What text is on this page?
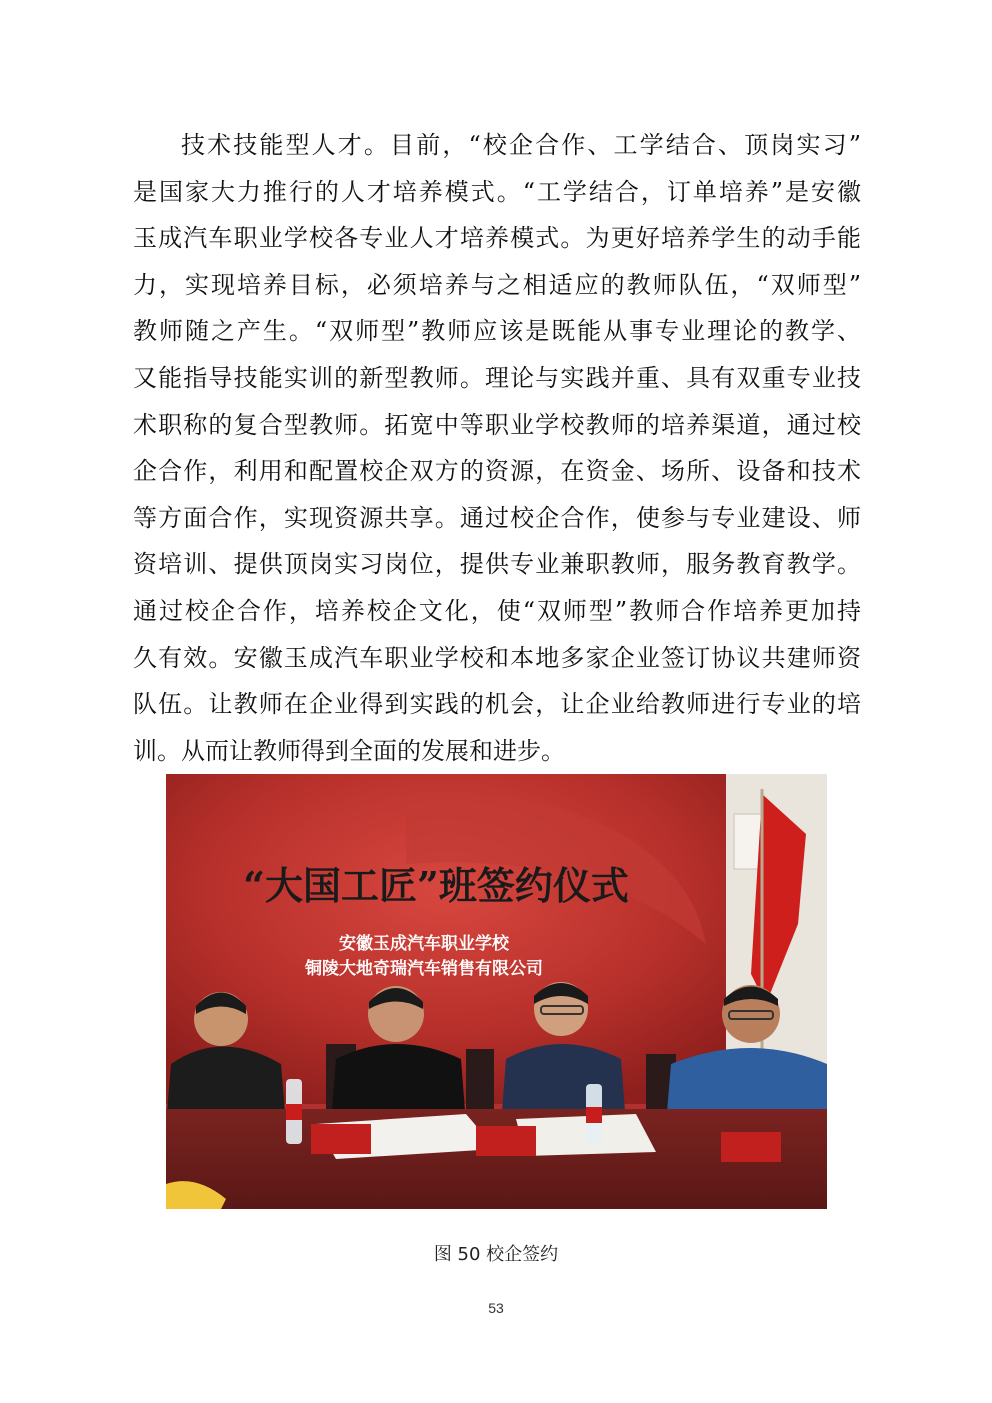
技术技能型人才。目前，“校企合作、工学结合、顶岗实习”
是国家大力推行的人才培养模式。“工学结合，订单培养”是安徽
玉成汽车职业学校各专业人才培养模式。为更好培养学生的动手能
力，实现培养目标，必须培养与之相适应的教师队伍，“双师型”
教师随之产生。“双师型”教师应该是既能从事专业理论的教学、
又能指导技能实训的新型教师。理论与实践并重、具有双重专业技
术职称的复合型教师。拓宽中等职业学校教师的培养渠道，通过校
企合作，利用和配置校企双方的资源，在资金、场所、设备和技术
等方面合作，实现资源共享。通过校企合作，使参与专业建设、师
资培训、提供顶岗实习岗位，提供专业兼职教师，服务教育教学。
通过校企合作，培养校企文化，使“双师型”教师合作培养更加持
久有效。安徽玉成汽车职业学校和本地多家企业签订协议共建师资
队伍。让教师在企业得到实践的机会，让企业给教师进行专业的培
训。从而让教师得到全面的发展和进步。
“大国工匠”班签约仪式
安徽玉成汽车职业学校
铜陵大地奇瑞汽车销售有限公司
图 50 校企签约
53
